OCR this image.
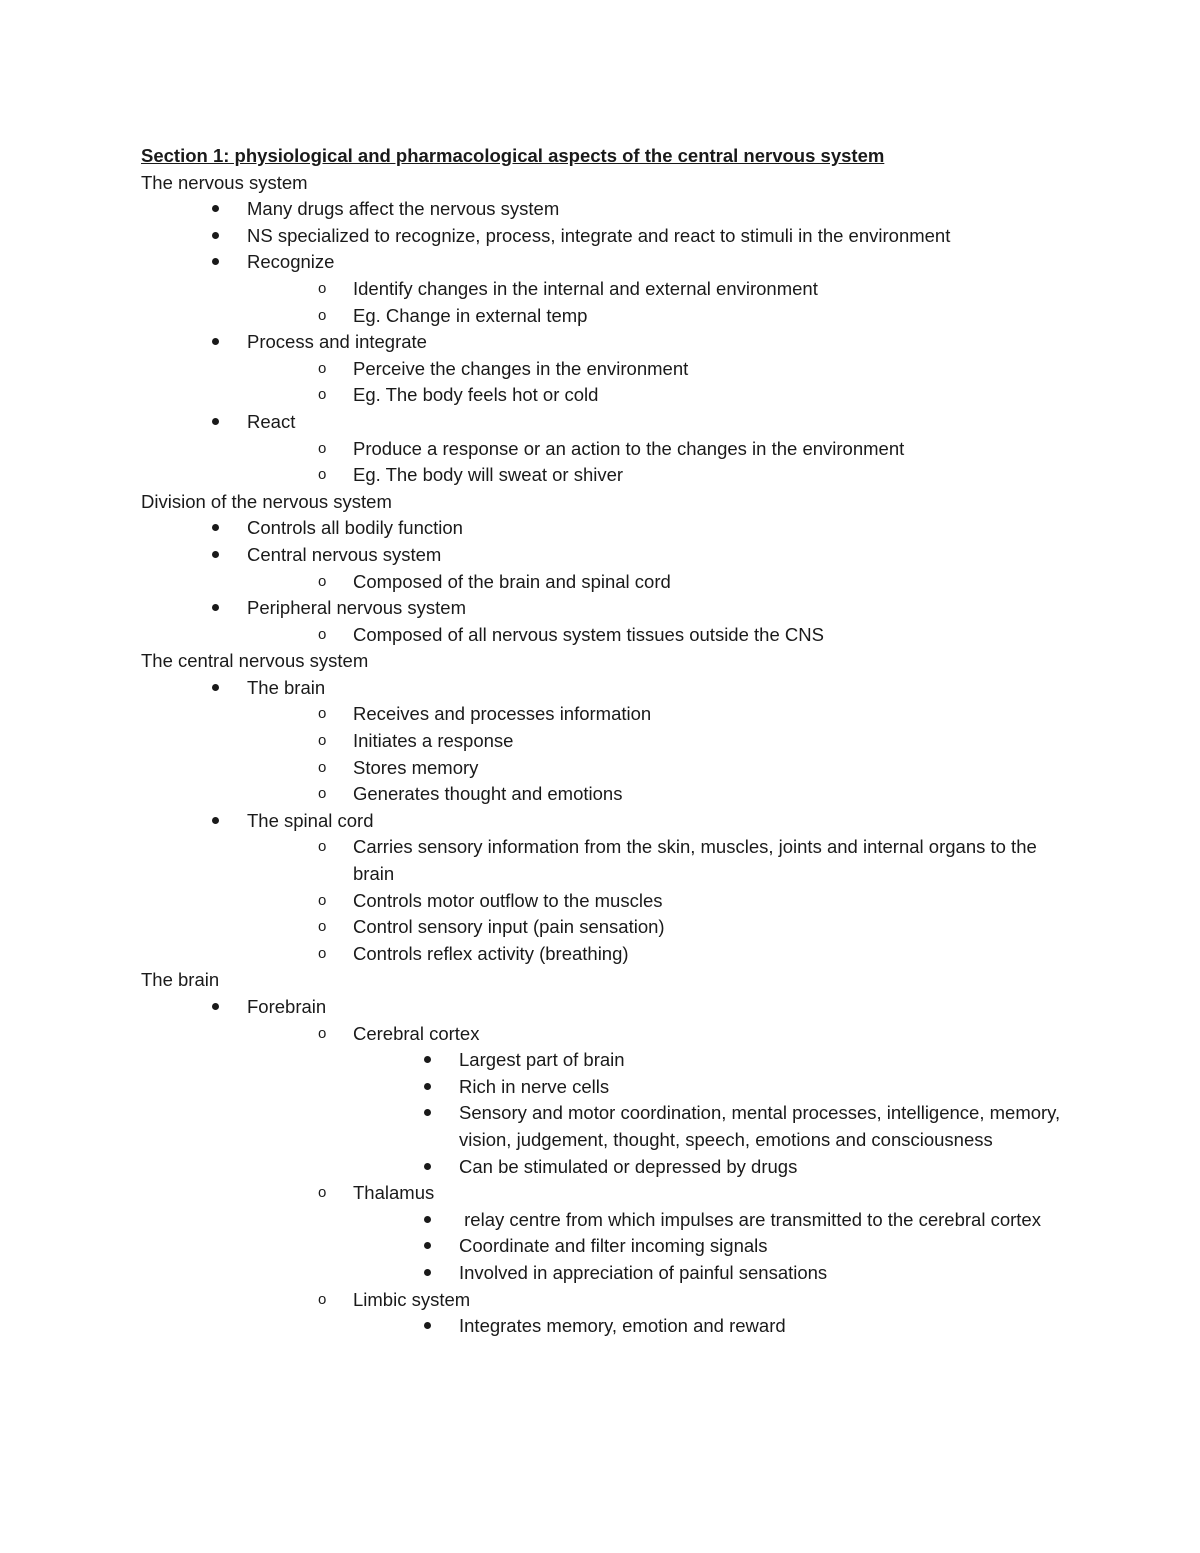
Section 1: physiological and pharmacological aspects of the central nervous system
The nervous system
Many drugs affect the nervous system
NS specialized to recognize, process, integrate and react to stimuli in the environment
Recognize
o Identify changes in the internal and external environment
o Eg. Change in external temp
Process and integrate
o Perceive the changes in the environment
o Eg. The body feels hot or cold
React
o Produce a response or an action to the changes in the environment
o Eg. The body will sweat or shiver
Division of the nervous system
Controls all bodily function
Central nervous system
o Composed of the brain and spinal cord
Peripheral nervous system
o Composed of all nervous system tissues outside the CNS
The central nervous system
The brain
o Receives and processes information
o Initiates a response
o Stores memory
o Generates thought and emotions
The spinal cord
o Carries sensory information from the skin, muscles, joints and internal organs to the brain
o Controls motor outflow to the muscles
o Control sensory input (pain sensation)
o Controls reflex activity (breathing)
The brain
Forebrain
o Cerebral cortex
Largest part of brain
Rich in nerve cells
Sensory and motor coordination, mental processes, intelligence, memory, vision, judgement, thought, speech, emotions and consciousness
Can be stimulated or depressed by drugs
o Thalamus
relay centre from which impulses are transmitted to the cerebral cortex
Coordinate and filter incoming signals
Involved in appreciation of painful sensations
o Limbic system
Integrates memory, emotion and reward
